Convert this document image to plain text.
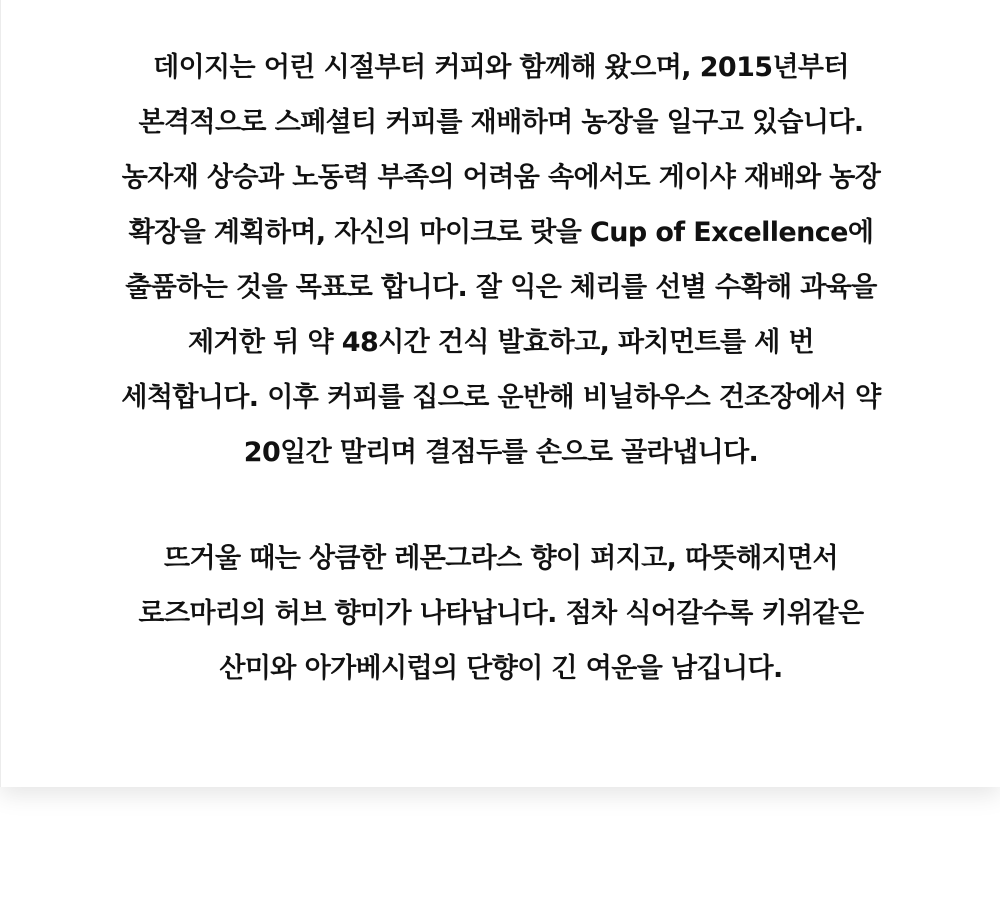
데이지는 어린 시절부터 커피와 함께해 왔으며, 2015년부터
본격적으로 스페셜티 커피를 재배하며 농장을 일구고 있습니다.
농자재 상승과 노동력 부족의 어려움 속에서도 게이샤 재배와 농장
확장을 계획하며, 자신의 마이크로 랏을 Cup of Excellence에
출품하는 것을 목표로 합니다. 잘 익은 체리를 선별 수확해 과육을
제거한 뒤 약 48시간 건식 발효하고, 파치먼트를 세 번
세척합니다. 이후 커피를 집으로 운반해 비닐하우스 건조장에서 약
20일간 말리며 결점두를 손으로 골라냅니다.
뜨거울 때는 상큼한 레몬그라스 향이 퍼지고, 따뜻해지면서
로즈마리의 허브 향미가 나타납니다. 점차 식어갈수록 키위같은
산미와 아가베시럽의 단향이 긴 여운을 남깁니다.
